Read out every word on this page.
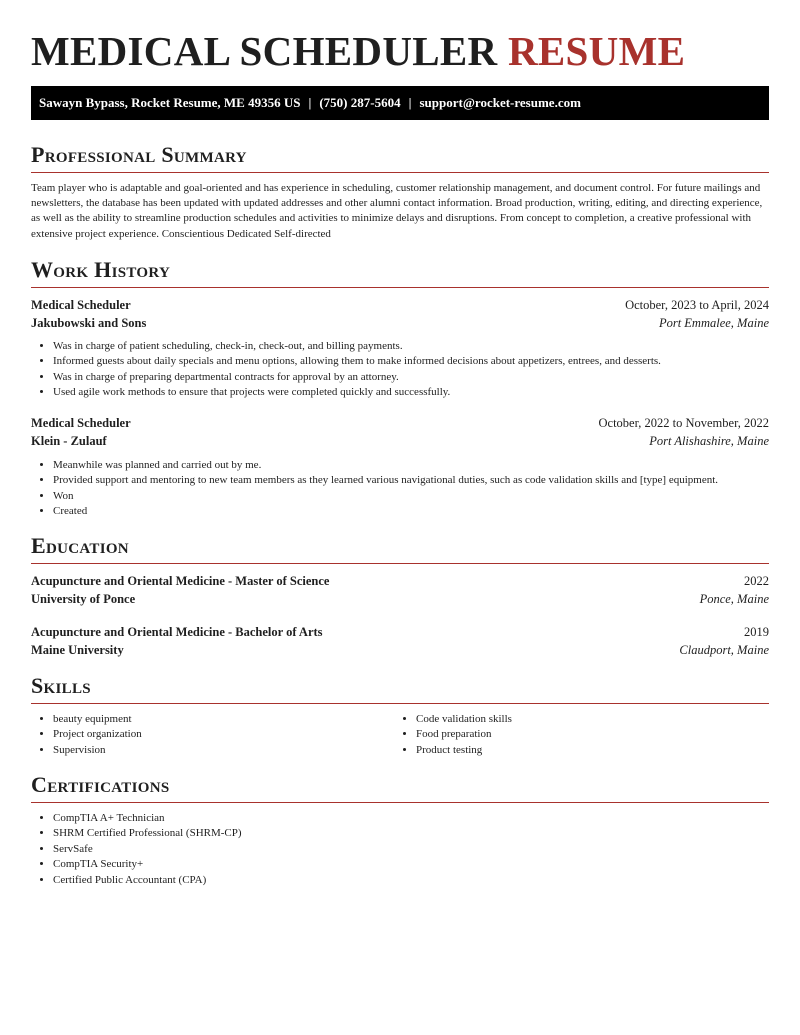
MEDICAL SCHEDULER RESUME
Sawayn Bypass, Rocket Resume, ME 49356 US | (750) 287-5604 | support@rocket-resume.com
Professional Summary
Team player who is adaptable and goal-oriented and has experience in scheduling, customer relationship management, and document control. For future mailings and newsletters, the database has been updated with updated addresses and other alumni contact information. Broad production, writing, editing, and directing experience, as well as the ability to streamline production schedules and activities to minimize delays and disruptions. From concept to completion, a creative professional with extensive project experience. Conscientious Dedicated Self-directed
Work History
Medical Scheduler	October, 2023 to April, 2024
Jakubowski and Sons	Port Emmalee, Maine
• Was in charge of patient scheduling, check-in, check-out, and billing payments.
• Informed guests about daily specials and menu options, allowing them to make informed decisions about appetizers, entrees, and desserts.
• Was in charge of preparing departmental contracts for approval by an attorney.
• Used agile work methods to ensure that projects were completed quickly and successfully.
Medical Scheduler	October, 2022 to November, 2022
Klein - Zulauf	Port Alishashire, Maine
• Meanwhile was planned and carried out by me.
• Provided support and mentoring to new team members as they learned various navigational duties, such as code validation skills and [type] equipment.
• Won
• Created
Education
Acupuncture and Oriental Medicine - Master of Science	2022
University of Ponce	Ponce, Maine
Acupuncture and Oriental Medicine - Bachelor of Arts	2019
Maine University	Claudport, Maine
Skills
• beauty equipment
• Project organization
• Supervision
• Code validation skills
• Food preparation
• Product testing
Certifications
• CompTIA A+ Technician
• SHRM Certified Professional (SHRM-CP)
• ServSafe
• CompTIA Security+
• Certified Public Accountant (CPA)
